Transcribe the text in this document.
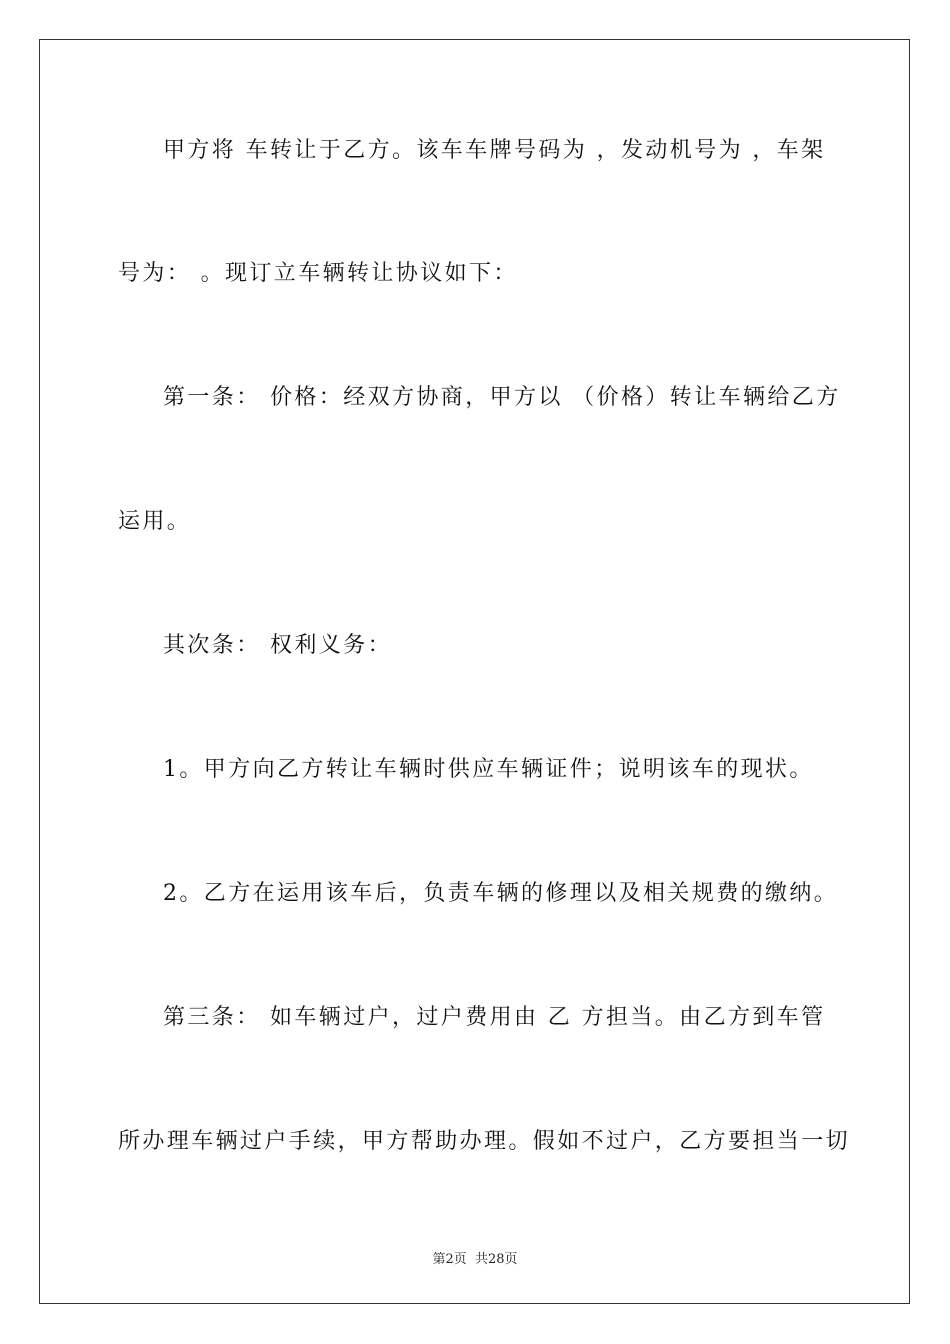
甲方将 车转让于乙方。该车车牌号码为 ，发动机号为 ，车架
号为： 。现订立车辆转让协议如下：
第一条： 价格：经双方协商，甲方以 （价格）转让车辆给乙方
运用。
其次条： 权利义务：
1。甲方向乙方转让车辆时供应车辆证件；说明该车的现状。
2。乙方在运用该车后，负责车辆的修理以及相关规费的缴纳。
第三条： 如车辆过户，过户费用由 乙 方担当。由乙方到车管
所办理车辆过户手续，甲方帮助办理。假如不过户，乙方要担当一切
第2页  共28页
